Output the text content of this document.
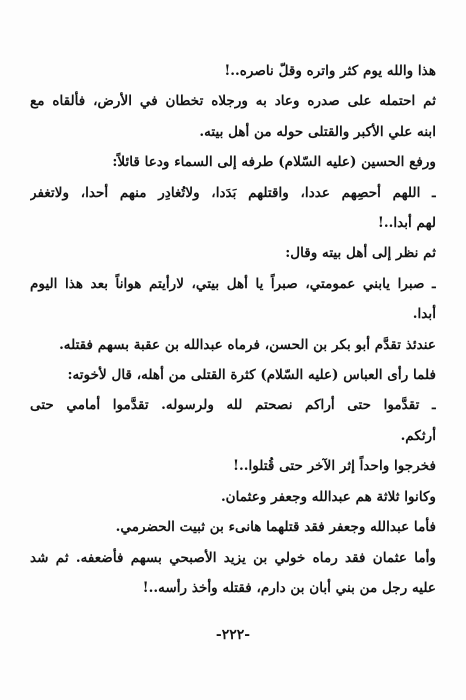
هذا والله يوم كثر واتره وقلّ ناصره..!
ثم احتمله على صدره وعاد به ورجلاه تخطان في الأرض، فألقاه مع
ابنه علي الأكبر والقتلى حوله من أهل بيته.
ورفع الحسين (عليه السّلام) طرفه إلى السماء ودعا قائلاً:
ـ اللهم أحصِهم عددا، واقتلهم بَدَدا، ولاتُغادِر منهم أحدا، ولاتغفر
لهم أبدا..!
ثم نظر إلى أهل بيته وقال:
ـ صبرا يابني عمومتي، صبراً يا أهل بيتي، لارأيتم هواناً بعد هذا اليوم
أبدا.
عندئذ تقدَّم أبو بكر بن الحسن، فرماه عبدالله بن عقبة بسهم فقتله.
فلما رأى العباس (عليه السّلام) كثرة القتلى من أهله، قال لأخوته:
ـ تقدَّموا حتى أراكم نصحتم لله ولرسوله. تقدَّموا أمامي حتى
أرثكم.
فخرجوا واحداً إثر الآخر حتى قُتلوا..!
وكانوا ثلاثة هم عبدالله وجعفر وعثمان.
فأما عبدالله وجعفر فقد قتلهما هانىء بن ثبيت الحضرمي.
وأما عثمان فقد رماه خولي بن يزيد الأصبحي بسهم فأضعفه. ثم شد
عليه رجل من بني أبان بن دارم، فقتله وأخذ رأسه..!
-٢٢٢-
